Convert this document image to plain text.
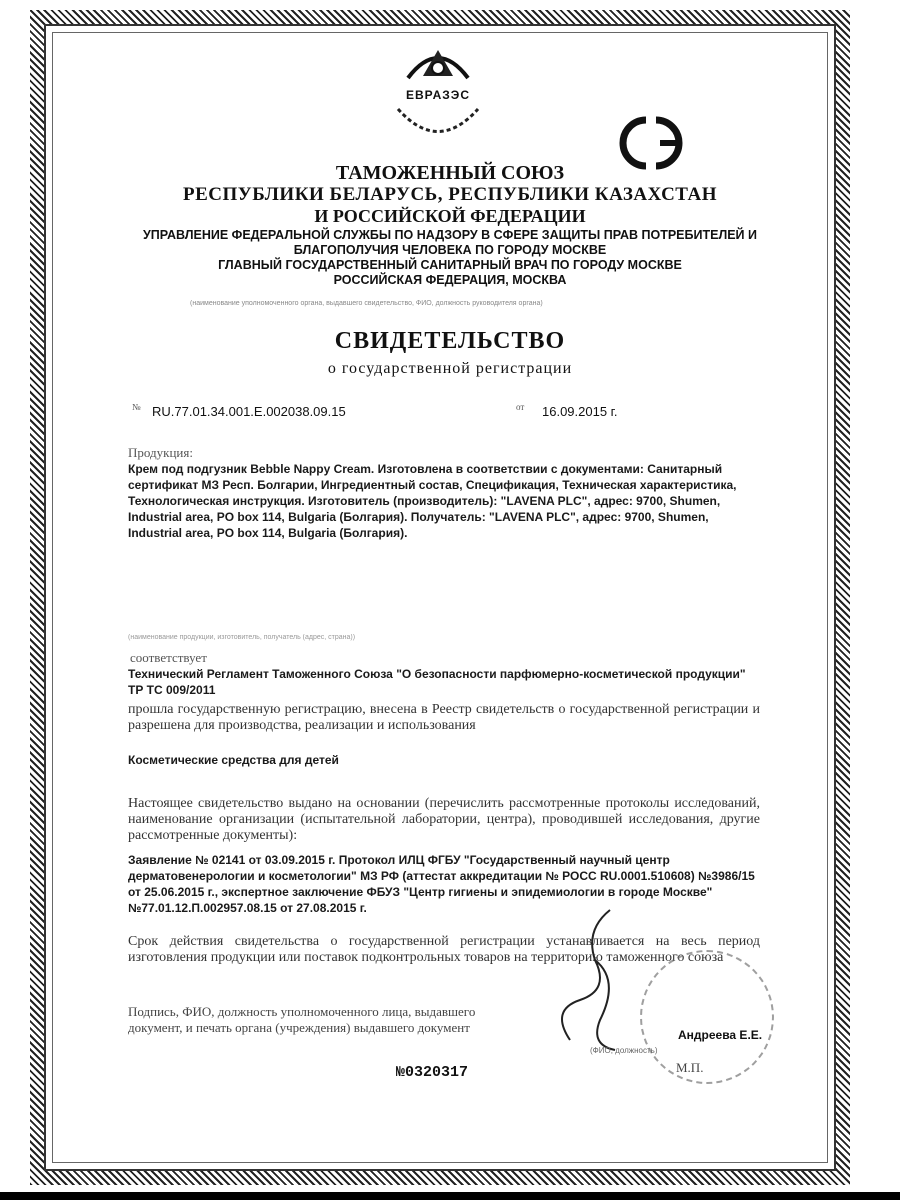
ЕВРАЗЭС
ТАМОЖЕННЫЙ СОЮЗ
РЕСПУБЛИКИ БЕЛАРУСЬ, РЕСПУБЛИКИ КАЗАХСТАН
И РОССИЙСКОЙ ФЕДЕРАЦИИ
УПРАВЛЕНИЕ ФЕДЕРАЛЬНОЙ СЛУЖБЫ ПО НАДЗОРУ В СФЕРЕ ЗАЩИТЫ ПРАВ ПОТРЕБИТЕЛЕЙ И
БЛАГОПОЛУЧИЯ ЧЕЛОВЕКА ПО ГОРОДУ МОСКВЕ
ГЛАВНЫЙ ГОСУДАРСТВЕННЫЙ САНИТАРНЫЙ ВРАЧ ПО ГОРОДУ МОСКВЕ
РОССИЙСКАЯ ФЕДЕРАЦИЯ, МОСКВА
(наименование уполномоченного органа, выдавшего свидетельство, ФИО, должность руководителя органа)
СВИДЕТЕЛЬСТВО
о государственной регистрации
№ RU.77.01.34.001.Е.002038.09.15	от 16.09.2015 г.
Продукция:
Крем под подгузник Bebble Nappy Cream. Изготовлена в соответствии с документами: Санитарный сертификат МЗ Респ. Болгарии, Ингредиентный состав, Спецификация, Техническая характеристика, Технологическая инструкция. Изготовитель (производитель): "LAVENA PLC", адрес: 9700, Shumen, Industrial area, PO box 114, Bulgaria (Болгария). Получатель: "LAVENA PLC", адрес: 9700, Shumen, Industrial area, PO box 114, Bulgaria (Болгария).
(наименование продукции, изготовитель, получатель (адрес, страна))
соответствует
Технический Регламент Таможенного Союза "О безопасности парфюмерно-косметической продукции" ТР ТС 009/2011
прошла государственную регистрацию, внесена в Реестр свидетельств о государственной регистрации и разрешена для производства, реализации и использования
Косметические средства для детей
Настоящее свидетельство выдано на основании (перечислить рассмотренные протоколы исследований, наименование организации (испытательной лаборатории, центра), проводившей исследования, другие рассмотренные документы):
Заявление № 02141 от 03.09.2015 г. Протокол ИЛЦ ФГБУ "Государственный научный центр дерматовенерологии и косметологии" МЗ РФ (аттестат аккредитации № РОСС RU.0001.510608) №3986/15 от 25.06.2015 г., экспертное заключение ФБУЗ "Центр гигиены и эпидемиологии в городе Москве" №77.01.12.П.002957.08.15 от 27.08.2015 г.
Срок действия свидетельства о государственной регистрации устанавливается на весь период изготовления продукции или поставок подконтрольных товаров на территорию таможенного союза
Подпись, ФИО, должность уполномоченного лица, выдавшего документ, и печать органа (учреждения) выдавшего документ	Андреева Е.Е.
(ФИО, должность)
М.П.
№0320317
